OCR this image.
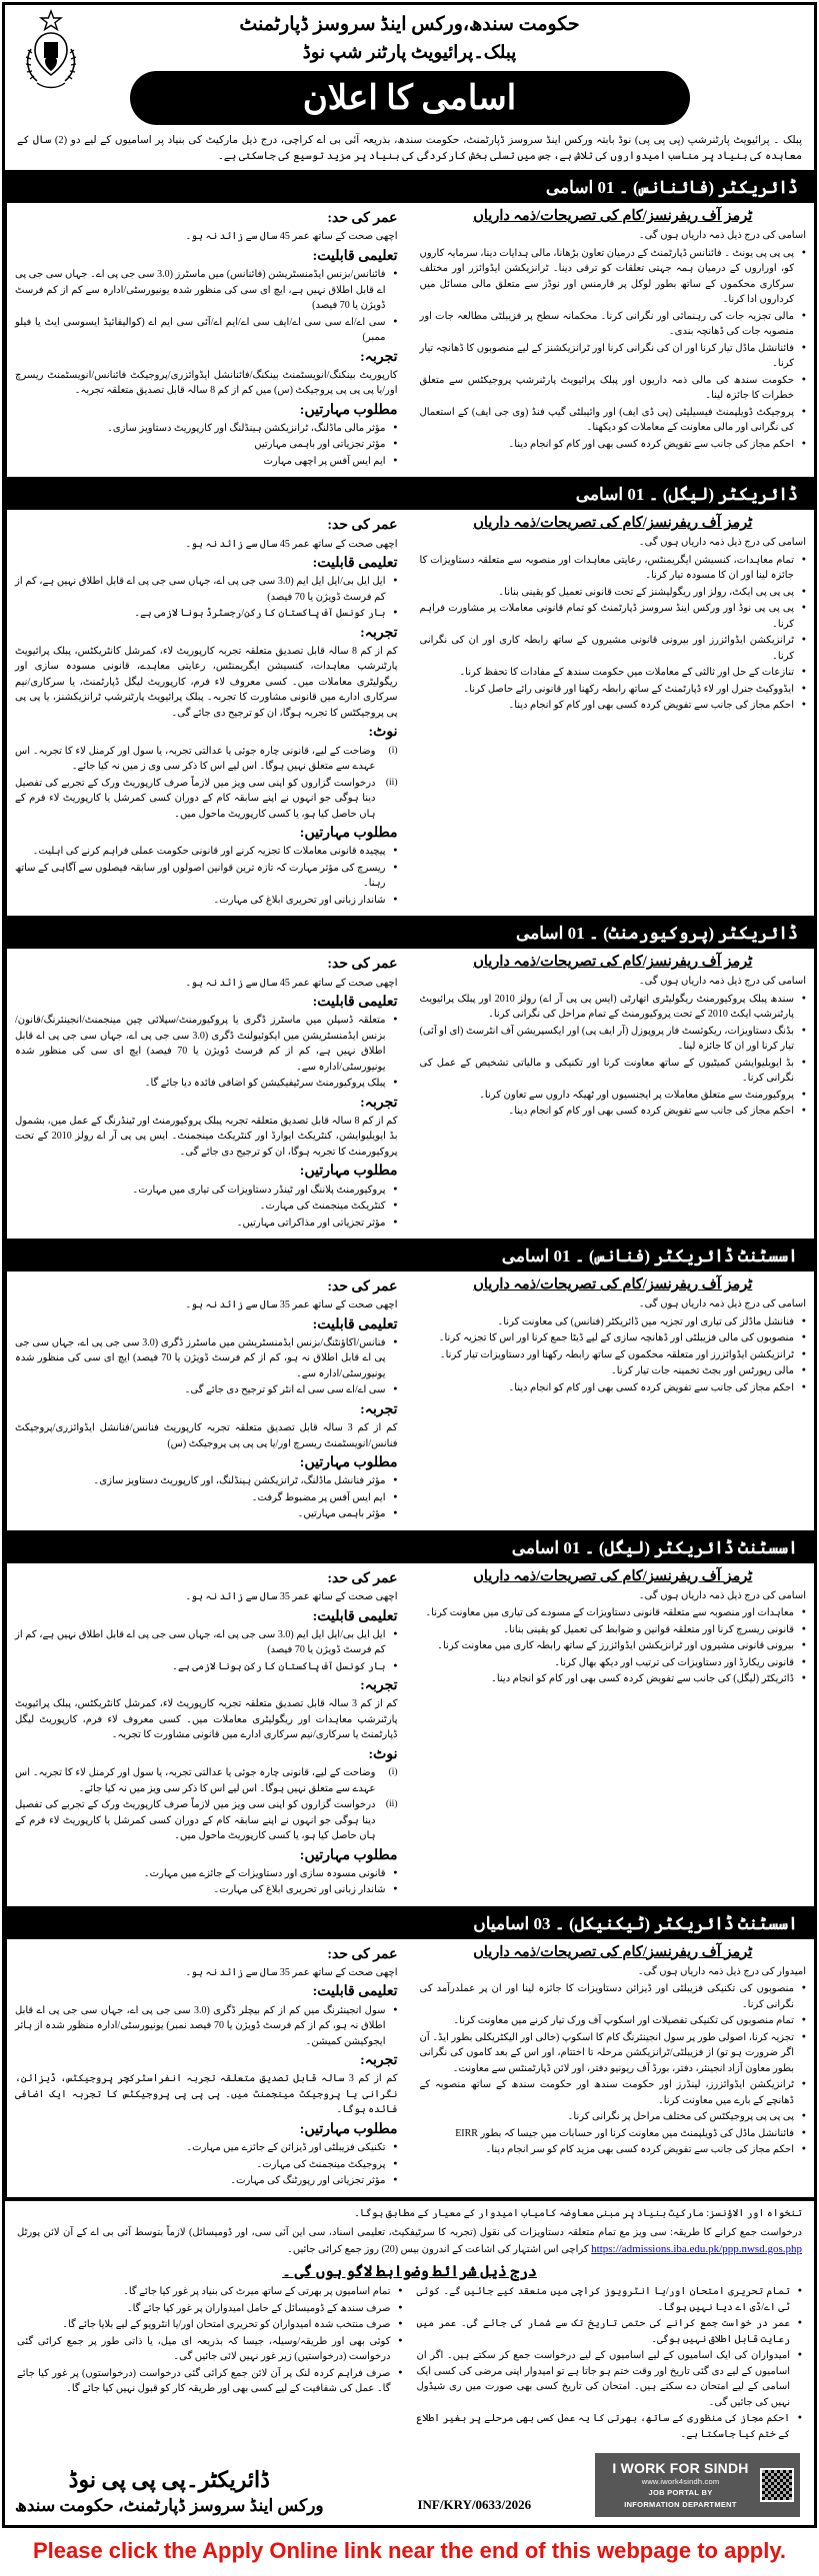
حکومت سندھ،ورکس اینڈ سروسز ڈپارٹمنٹ
پبلک۔پرائیویٹ پارٹنر شپ نوڈ
اسامی کا اعلان
پبلک ۔ پرائیویٹ پارٹنرشپ (پی پی پی) نوڈ بابتہ ورکس اینڈ سروسز ڈپارٹمنٹ، حکومت سندھ، بذریعہ آئی بی اے کراچی، درج ذیل مارکیٹ کی بنیاد پر اسامیوں کے لیے دو (2) سال کے معاہدہ کی بنیاد پر مناسب امیدواروں کی تلاش ہے، جس میں تسلی بخش کارکردگی کی بنیاد پر مزید توسیع کی جاسکتی ہے۔
ڈائریکٹر (فائنانس) ۔ 01 اسامی
عمر کی حد:
اچھی صحت کے ساتھ عمر 45 سال سے زائد نہ ہو۔
تعلیمی قابلیت:
● فائنانس/بزنس ایڈمنسٹریشن (فائنانس) میں ماسٹرز (3.0 سی جی پی اے۔ جہاں سی جی پی اے قابل اطلاق نہیں ہے، ایچ ای سی کی منظور شدہ یونیورسٹی/ادارہ سے کم از کم فرسٹ ڈویژن یا 70 فیصد)
● سی اے/اے سی سی اے/ایف سی اے/ایم اے/آئی سی ایم اے (کوالیفائیڈ ایسوسی ایٹ یا فیلو ممبر)
تجربہ:
کارپوریٹ بینکنگ/انویسٹمنٹ بینکنگ/فائنانشل ایڈوائزری/پروجیکٹ فائنانس/انویسٹمنٹ ریسرچ اور/یا پی پی پی پروجیکٹ (س) میں کم از کم 8 سالہ قابل تصدیق متعلقہ تجربہ۔
مطلوب مہارتیں:
● مؤثر مالی ماڈلنگ، ٹرانزیکشن ہینڈلنگ اور کارپوریٹ دستاویز سازی۔
● مؤثر تجزیاتی اور باہمی مہارتیں
● ایم ایس آفس پر اچھی مہارت
ٹرمز آف ریفرنسز/کام کی تصریحات/ذمہ داریاں
اسامی کی درج ذیل ذمہ داریاں ہوں گی۔
● پی پی پی یونٹ ۔ فائنانس ڈپارٹمنٹ کے درمیان تعاون بڑھانا، مالی ہدایات دینا، سرمایہ کاروں کو، اوراروں کے درمیان ہمہ جہتی تعلقات کو ترقی دینا۔ ٹرانزیکشن ایڈوائزر اور مختلف سرکاری محکموں کے ساتھ بطور لوکل پر فارمنس اور نوڈز سے متعلق مالی مسائل میں کرداروں ادا کرنا۔
● مالی تجزیہ جات کی رہنمائی اور نگرانی کرنا۔ محکمانہ سطح پر فزیبلٹی مطالعہ جات اور منصوبہ جات کی ڈھانچہ بندی۔
● فائنانشل ماڈل تیار کرنا اور ان کی نگرانی کرنا اور ٹرانزیکشنز کے لیے منصوبوں کا ڈھانچہ تیار کرنا۔
● حکومت سندھ کی مالی ذمہ داریوں اور پبلک پرائیویٹ پارٹنرشپ پروجیکٹس سے متعلق خطرات کا جائزہ لینا۔
● پروجیکٹ ڈویلپمنٹ فیسیلیٹی (پی ڈی ایف) اور وائیبلٹی گیپ فنڈ (وی جی ایف) کے استعمال کی نگرانی اور مالی معاونت کے معاملات کو دیکھنا۔
● احکم مجاز کی جانب سے تفویض کردہ کسی بھی اور کام کو انجام دینا۔
ڈائریکٹر (لیگل) ۔ 01 اسامی
عمر کی حد:
اچھی صحت کے ساتھ عمر 45 سال سے زائد نہ ہو۔
تعلیمی قابلیت:
● ایل ایل بی/ایل ایل ایم (3.0 سی جی پی اے، جہاں سی جی پی اے قابل اطلاق نہیں ہے، کم از کم فرسٹ ڈویژن یا 70 فیصد)
● بار کونسل آف پاکستان کا رکن/رجسٹرڈ ہونا لازمی ہے۔
تجربہ:
کم از کم 8 سالہ قابل تصدیق متعلقہ تجربہ کارپوریٹ لاء، کمرشل کانٹریکٹس، پبلک پرائیویٹ پارٹنرشپ معاہدات، کنسیشن ایگریمنٹس، رعایتی معاہدے، قانونی مسودہ سازی اور ریگولیٹری معاملات میں۔ کسی معروف لاء فرم، کارپوریٹ لیگل ڈپارٹمنٹ، یا سرکاری/نیم سرکاری ادارے میں قانونی مشاورت کا تجربہ۔ پبلک پرائیویٹ پارٹنرشپ ٹرانزیکشنز، یا پی پی پی پروجیکٹس کا تجربہ ہوگا، ان کو ترجیح دی جائے گی۔
نوٹ:
(i)
وضاحت کے لیے، قانونی چارہ جوئی یا عدالتی تجربہ، یا سول اور کرمنل لاء کا تجربہ۔ اس عہدے سے متعلق نہیں ہوگا۔ اس لیے اس کا ذکر سی وی ز میں نہ کیا جائے۔
(ii)
درخواست گزاروں کو اپنی سی ویز میں لازماً صرف کارپوریٹ ورک کے تجربے کی تفصیل دینا ہوگی جو انہوں نے اپنے سابقہ کام کے دوران کسی کمرشل یا کارپوریٹ لاء فرم کے ہاں حاصل کیا ہو، یا کسی کارپوریٹ ماحول میں۔
مطلوب مہارتیں:
● پیچیدہ قانونی معاملات کا تجزیہ کرنے اور قانونی حکومت عملی فراہم کرنے کی اہلیت۔
● ریسرچ کی مؤثر مہارت کہ تازہ ترین قوانین اصولوں اور سابقہ فیصلوں سے آگاہی کے ساتھ رہنا۔
● شاندار زبانی اور تحریری ابلاغ کی مہارت۔
ٹرمز آف ریفرنسز/کام کی تصریحات/ذمہ داریاں
اسامی کی درج ذیل ذمہ داریاں ہوں گی۔
● تمام معاہدات، کنسیشن ایگریمنٹس، رعایتی معاہدات اور منصوبہ سے متعلقہ دستاویزات کا جائزہ لینا اور ان کا مسودہ تیار کرنا۔
● پی پی پی ایکٹ، رولز اور ریگولیشنز کے تحت قانونی تعمیل کو یقینی بنانا۔
● پی پی پی نوڈ اور ورکس اینڈ سروسز ڈپارٹمنٹ کو تمام قانونی معاملات پر مشاورت فراہم کرنا۔
● ٹرانزیکشن ایڈوائزرز اور بیرونی قانونی مشیروں کے ساتھ رابطہ کاری اور ان کی نگرانی کرنا۔
● تنازعات کے حل اور ثالثی کے معاملات میں حکومت سندھ کے مفادات کا تحفظ کرنا۔
● ایڈووکیٹ جنرل اور لاء ڈپارٹمنٹ کے ساتھ رابطہ رکھنا اور قانونی رائے حاصل کرنا۔
● احکم مجاز کی جانب سے تفویض کردہ کسی بھی اور کام کو انجام دینا۔
ڈائریکٹر (پروکیورمنٹ) ۔ 01 اسامی
عمر کی حد:
اچھی صحت کے ساتھ عمر 45 سال سے زائد نہ ہو۔
تعلیمی قابلیت:
● متعلقہ ڈسپلن میں ماسٹرز ڈگری یا پروکیورمنٹ/سپلائی چین مینجمنٹ/انجینئرنگ/قانون/بزنس ایڈمنسٹریشن میں ایکوئیولنٹ ڈگری (3.0 سی جی پی اے، جہاں سی جی پی اے قابل اطلاق نہیں ہے، کم از کم فرسٹ ڈویژن یا 70 فیصد) ایچ ای سی کی منظور شدہ یونیورسٹی/ادارہ سے۔
● پبلک پروکیورمنٹ سرٹیفیکیشن کو اضافی فائدہ دیا جائے گا۔
تجربہ:
کم از کم 8 سالہ قابل تصدیق متعلقہ تجربہ پبلک پروکیورمنٹ اور ٹینڈرنگ کے عمل میں، بشمول بڈ ایویلیوایشن، کنٹریکٹ ایوارڈ اور کنٹریکٹ مینجمنٹ۔ ایس پی پی آر اے رولز 2010 کے تحت پروکیورمنٹ کا تجربہ ہوگا، ان کو ترجیح دی جائے گی۔
مطلوب مہارتیں:
● پروکیورمنٹ پلاننگ اور ٹینڈر دستاویزات کی تیاری میں مہارت۔
● کنٹریکٹ مینجمنٹ کی مہارت۔
● مؤثر تجزیاتی اور مذاکراتی مہارتیں۔
ٹرمز آف ریفرنسز/کام کی تصریحات/ذمہ داریاں
اسامی کی درج ذیل ذمہ داریاں ہوں گی۔
● سندھ پبلک پروکیورمنٹ ریگولیٹری اتھارٹی (ایس پی پی آر اے) رولز 2010 اور پبلک پرائیویٹ پارٹنرشپ ایکٹ 2010 کے تحت پروکیورمنٹ کے تمام مراحل کی نگرانی کرنا۔
● بڈنگ دستاویزات، ریکوئسٹ فار پروپوزل (آر ایف پی) اور ایکسپریشن آف انٹرسٹ (ای او آئی) تیار کرنا اور ان کا جائزہ لینا۔
● بڈ ایویلیوایشن کمیٹیوں کے ساتھ معاونت کرنا اور تکنیکی و مالیاتی تشخیص کے عمل کی نگرانی کرنا۔
● پروکیورمنٹ سے متعلق معاملات پر ایجنسیوں اور ٹھیکہ داروں سے تعاون کرنا۔
● احکم مجاز کی جانب سے تفویض کردہ کسی بھی اور کام کو انجام دینا۔
اسسٹنٹ ڈائریکٹر (فنانس) ۔ 01 اسامی
عمر کی حد:
اچھی صحت کے ساتھ عمر 35 سال سے زائد نہ ہو۔
تعلیمی قابلیت:
● فنانس/اکاؤنٹنگ/بزنس ایڈمنسٹریشن میں ماسٹرز ڈگری (3.0 سی جی پی اے، جہاں سی جی پی اے قابل اطلاق نہ ہو، کم از کم فرسٹ ڈویژن یا 70 فیصد) ایچ ای سی کی منظور شدہ یونیورسٹی/ادارہ سے۔
● سی اے/اے سی سی اے انٹر کو ترجیح دی جائے گی۔
تجربہ:
کم از کم 3 سالہ قابل تصدیق متعلقہ تجربہ کارپوریٹ فنانس/فنانشل ایڈوائزری/پروجیکٹ فنانس/انویسٹمنٹ ریسرچ اور/یا پی پی پی پروجیکٹ (س)
مطلوب مہارتیں:
● مؤثر فنانشل ماڈلنگ، ٹرانزیکشن ہینڈلنگ، اور کارپوریٹ دستاویز سازی۔
● ایم ایس آفس پر مضبوط گرفت۔
● مؤثر باہمی مہارتیں۔
ٹرمز آف ریفرنسز/کام کی تصریحات/ذمہ داریاں
اسامی کی درج ذیل ذمہ داریاں ہوں گی۔
● فنانشل ماڈلز کی تیاری اور تجزیہ میں ڈائریکٹر (فنانس) کی معاونت کرنا۔
● منصوبوں کی مالی فزیبلٹی اور ڈھانچہ سازی کے لیے ڈیٹا جمع کرنا اور اس کا تجزیہ کرنا۔
● ٹرانزیکشن ایڈوائزرز اور متعلقہ محکموں کے ساتھ رابطہ رکھنا اور دستاویزات تیار کرنا۔
● مالی رپورٹس اور بجٹ تخمینہ جات تیار کرنا۔
● احکم مجاز کی جانب سے تفویض کردہ کسی بھی اور کام کو انجام دینا۔
اسسٹنٹ ڈائریکٹر (لیگل) ۔ 01 اسامی
عمر کی حد:
اچھی صحت کے ساتھ عمر 35 سال سے زائد نہ ہو۔
تعلیمی قابلیت:
● ایل ایل بی/ایل ایل ایم (3.0 سی جی پی اے، جہاں سی جی پی اے قابل اطلاق نہیں ہے، کم از کم فرسٹ ڈویژن یا 70 فیصد)
● بار کونسل آف پاکستان کا رکن ہونا لازمی ہے۔
تجربہ:
کم از کم 3 سالہ قابل تصدیق متعلقہ تجربہ کارپوریٹ لاء، کمرشل کانٹریکٹس، پبلک پرائیویٹ پارٹنرشپ معاہدات اور ریگولیٹری معاملات میں۔ کسی معروف لاء فرم، کارپوریٹ لیگل ڈپارٹمنٹ یا سرکاری/نیم سرکاری ادارے میں قانونی مشاورت کا تجربہ۔
نوٹ:
(i)
وضاحت کے لیے، قانونی چارہ جوئی یا عدالتی تجربہ، یا سول اور کرمنل لاء کا تجربہ۔ اس عہدے سے متعلق نہیں ہوگا۔ اس لیے اس کا ذکر سی ویز میں نہ کیا جائے۔
(ii)
درخواست گزاروں کو اپنی سی ویز میں لازماً صرف کارپوریٹ ورک کے تجربے کی تفصیل دینا ہوگی جو انہوں نے اپنے سابقہ کام کے دوران کسی کمرشل یا کارپوریٹ لاء فرم کے ہاں حاصل کیا ہو، یا کسی کارپوریٹ ماحول میں۔
مطلوب مہارتیں:
● قانونی مسودہ سازی اور دستاویزات کے جائزے میں مہارت۔
● شاندار زبانی اور تحریری ابلاغ کی مہارت۔
ٹرمز آف ریفرنسز/کام کی تصریحات/ذمہ داریاں
اسامی کی درج ذیل ذمہ داریاں ہوں گی۔
● معاہدات اور منصوبہ سے متعلقہ قانونی دستاویزات کے مسودے کی تیاری میں معاونت کرنا۔
● قانونی ریسرچ کرنا اور متعلقہ قوانین و ضوابط کی تعمیل کو یقینی بنانا۔
● بیرونی قانونی مشیروں اور ٹرانزیکشن ایڈوائزرز کے ساتھ رابطہ کاری میں معاونت کرنا۔
● قانونی ریکارڈ اور دستاویزات کی ترتیب اور دیکھ بھال کرنا۔
● ڈائریکٹر (لیگل) کی جانب سے تفویض کردہ کسی بھی اور کام کو انجام دینا۔
اسسٹنٹ ڈائریکٹر (ٹیکنیکل) ۔ 03 اسامیاں
عمر کی حد:
اچھی صحت کے ساتھ عمر 35 سال سے زائد نہ ہو۔
تعلیمی قابلیت:
● سول انجینئرنگ میں کم از کم بیچلر ڈگری (3.0 سی جی پی اے، جہاں سی جی پی اے قابل اطلاق نہ ہو، کم از کم فرسٹ ڈویژن یا 70 فیصد نمبر) یونیورسٹی/ادارہ منظور شدہ از ہائر ایجوکیشن کمیشن۔
تجربہ:
کم از کم 3 سالہ قابل تصدیق متعلقہ تجربہ انفراسٹرکچر پروجیکٹس، ڈیزائن، نگرانی یا پروجیکٹ مینجمنٹ میں۔ پی پی پی پروجیکٹس کا تجربہ ایک اضافی فائدہ ہوگا۔
مطلوب مہارتیں:
● تکنیکی فزیبلٹی اور ڈیزائن کے جائزے میں مہارت۔
● پروجیکٹ مینجمنٹ کی مہارت۔
● مؤثر تجزیاتی اور رپورٹنگ کی مہارت۔
ٹرمز آف ریفرنسز/کام کی تصریحات/ذمہ داریاں
امیدوار کی درج ذیل ذمہ داریاں ہوں گی۔
● منصوبوں کی تکنیکی فزیبلٹی اور ڈیزائن دستاویزات کا جائزہ لینا اور ان پر عملدرآمد کی نگرانی کرنا۔
● تمام منصوبوں کی تکنیکی تفصیلات اور اسکوپ آف ورک تیار کرنے میں معاونت کرنا۔
● تجزیہ کرنا، اصولی طور پر سول انجینئرنگ کام کا اسکوپ (خالی اور الیکٹریکلی بطور ایڈ۔ آن اگر ضرورت ہو تو) از فزیبلٹی/ٹرانزیکشن مرحلہ تا اختتام، اور اس کے بعد کاموں کی نگرانی بطور معاون آزاد انجینئر، دفتر، بورڈ آف ریونیو دفتر، اور لائن ڈپارٹمنٹس سے معاونت۔
● ٹرانزیکشن ایڈوائزرز، لینڈرز اور حکومت سندھ اور حکومت سندھ کے ساتھ منصوبہ کے ڈھانچے کے بارے میں معاونت کرنا۔
● پی پی پی پروجیکٹس کی مختلف مراحل پر نگرانی کرنا۔
● فائنانشل ماڈل کی ڈویلپمنٹ میں معاونت کرنا اور حسابات میں جیسا کہ بطور EIRR
● احکم مجاز کی جانب سے تفویض کردہ کسی بھی مزید کام کو سر انجام دینا۔
تنخواہ اور الاؤنسز: مارکیٹ بنیاد پر مبنی معاوضہ کامیاب امیدوار کے معیار کے مطابق ہوگا۔
درخواست جمع کرانے کا طریقہ: سی ویز مع تمام متعلقہ دستاویزات کی نقول (تجربہ کا سرٹیفکیٹ، تعلیمی اسناد، سی این آئی سی، اور ڈومیسائل) لازماً بتوسط آئی بی اے کے آن لائن پورٹل https://admissions.iba.edu.pk/ppp.nwsd.gos.php کراچی اس اشتہار کی اشاعت کے اندرون بیس (20) روز جمع کرائی جائیں۔
درج ذیل شرائط وضوابط لاگو ہوں گی ۔
● تمام اسامیوں پر بھرتی کے ساتھ میرٹ کی بنیاد پر غور کیا جائے گا۔
● صرف سندھ کے ڈومیسائل کے حامل امیدواران پر غور کیا جائے گا۔
● صرف منتخب شدہ امیدواران کو تحریری امتحان اور/یا انٹرویو کے لیے بلایا جائے گا۔
● کوئی بھی اور طریقہ/وسیلہ، جیسا کہ بذریعہ ای میل، یا ذاتی طور پر جمع کرائی گئی درخواست (درخواستیں) زیر غور نہیں لائی جائیں گی۔
● صرف فراہم کردہ لنک پر آن لائن جمع کرائی گئی درخواست (درخواستوں) پر غور کیا جائے گا۔ عمل کی شفافیت کے لیے کسی بھی اور طریقہ کار کو قبول نہیں کیا جائے گا۔
● تمام تحریری امتحان اور/یا انٹرویوز کراچی میں منعقد کیے جائیں گے۔ کوئی ٹی اے/ڈی اے دیا نہیں ہوگا۔
● عمر در خواست جمع کرانے کی حتمی تاریخ تک سے شمار کی جائے گی۔ عمر میں رعایت قابل اطلاق نہیں ہوگی۔
● امیدواران کی ایک اسامیوں کے لیے اسامیوں کے لیے درخواست جمع کر سکتے ہیں۔ اگر ان اسامیوں کے لیے دی گئی تاریخ اور وقت ختم ہو جاتا ہے تو امیدوار اپنی مرضی کی کسی ایک اسامی کے لیے امتحان دے سکتے ہیں۔ امتحان کی تاریخ کسی بھی صورت میں ری شیڈول نہیں کی جائیں گی۔
● احکم مجاز کی منظوری کے ساتھ، بھرتی کا یہ عمل کسی بھی مرحلے پر بغیر اطلاع کے ختم کیا جاسکتا ہے۔
ڈائریکٹر۔پی پی پی نوڈ
ورکس اینڈ سروسز ڈپارٹمنٹ، حکومت سندھ	INF/KRY/0633/2026
I WORK FOR SINDH
www.iwork4sindh.com
JOB PORTAL BY
INFORMATION DEPARTMENT
Please click the Apply Online link near the end of this webpage to apply.
